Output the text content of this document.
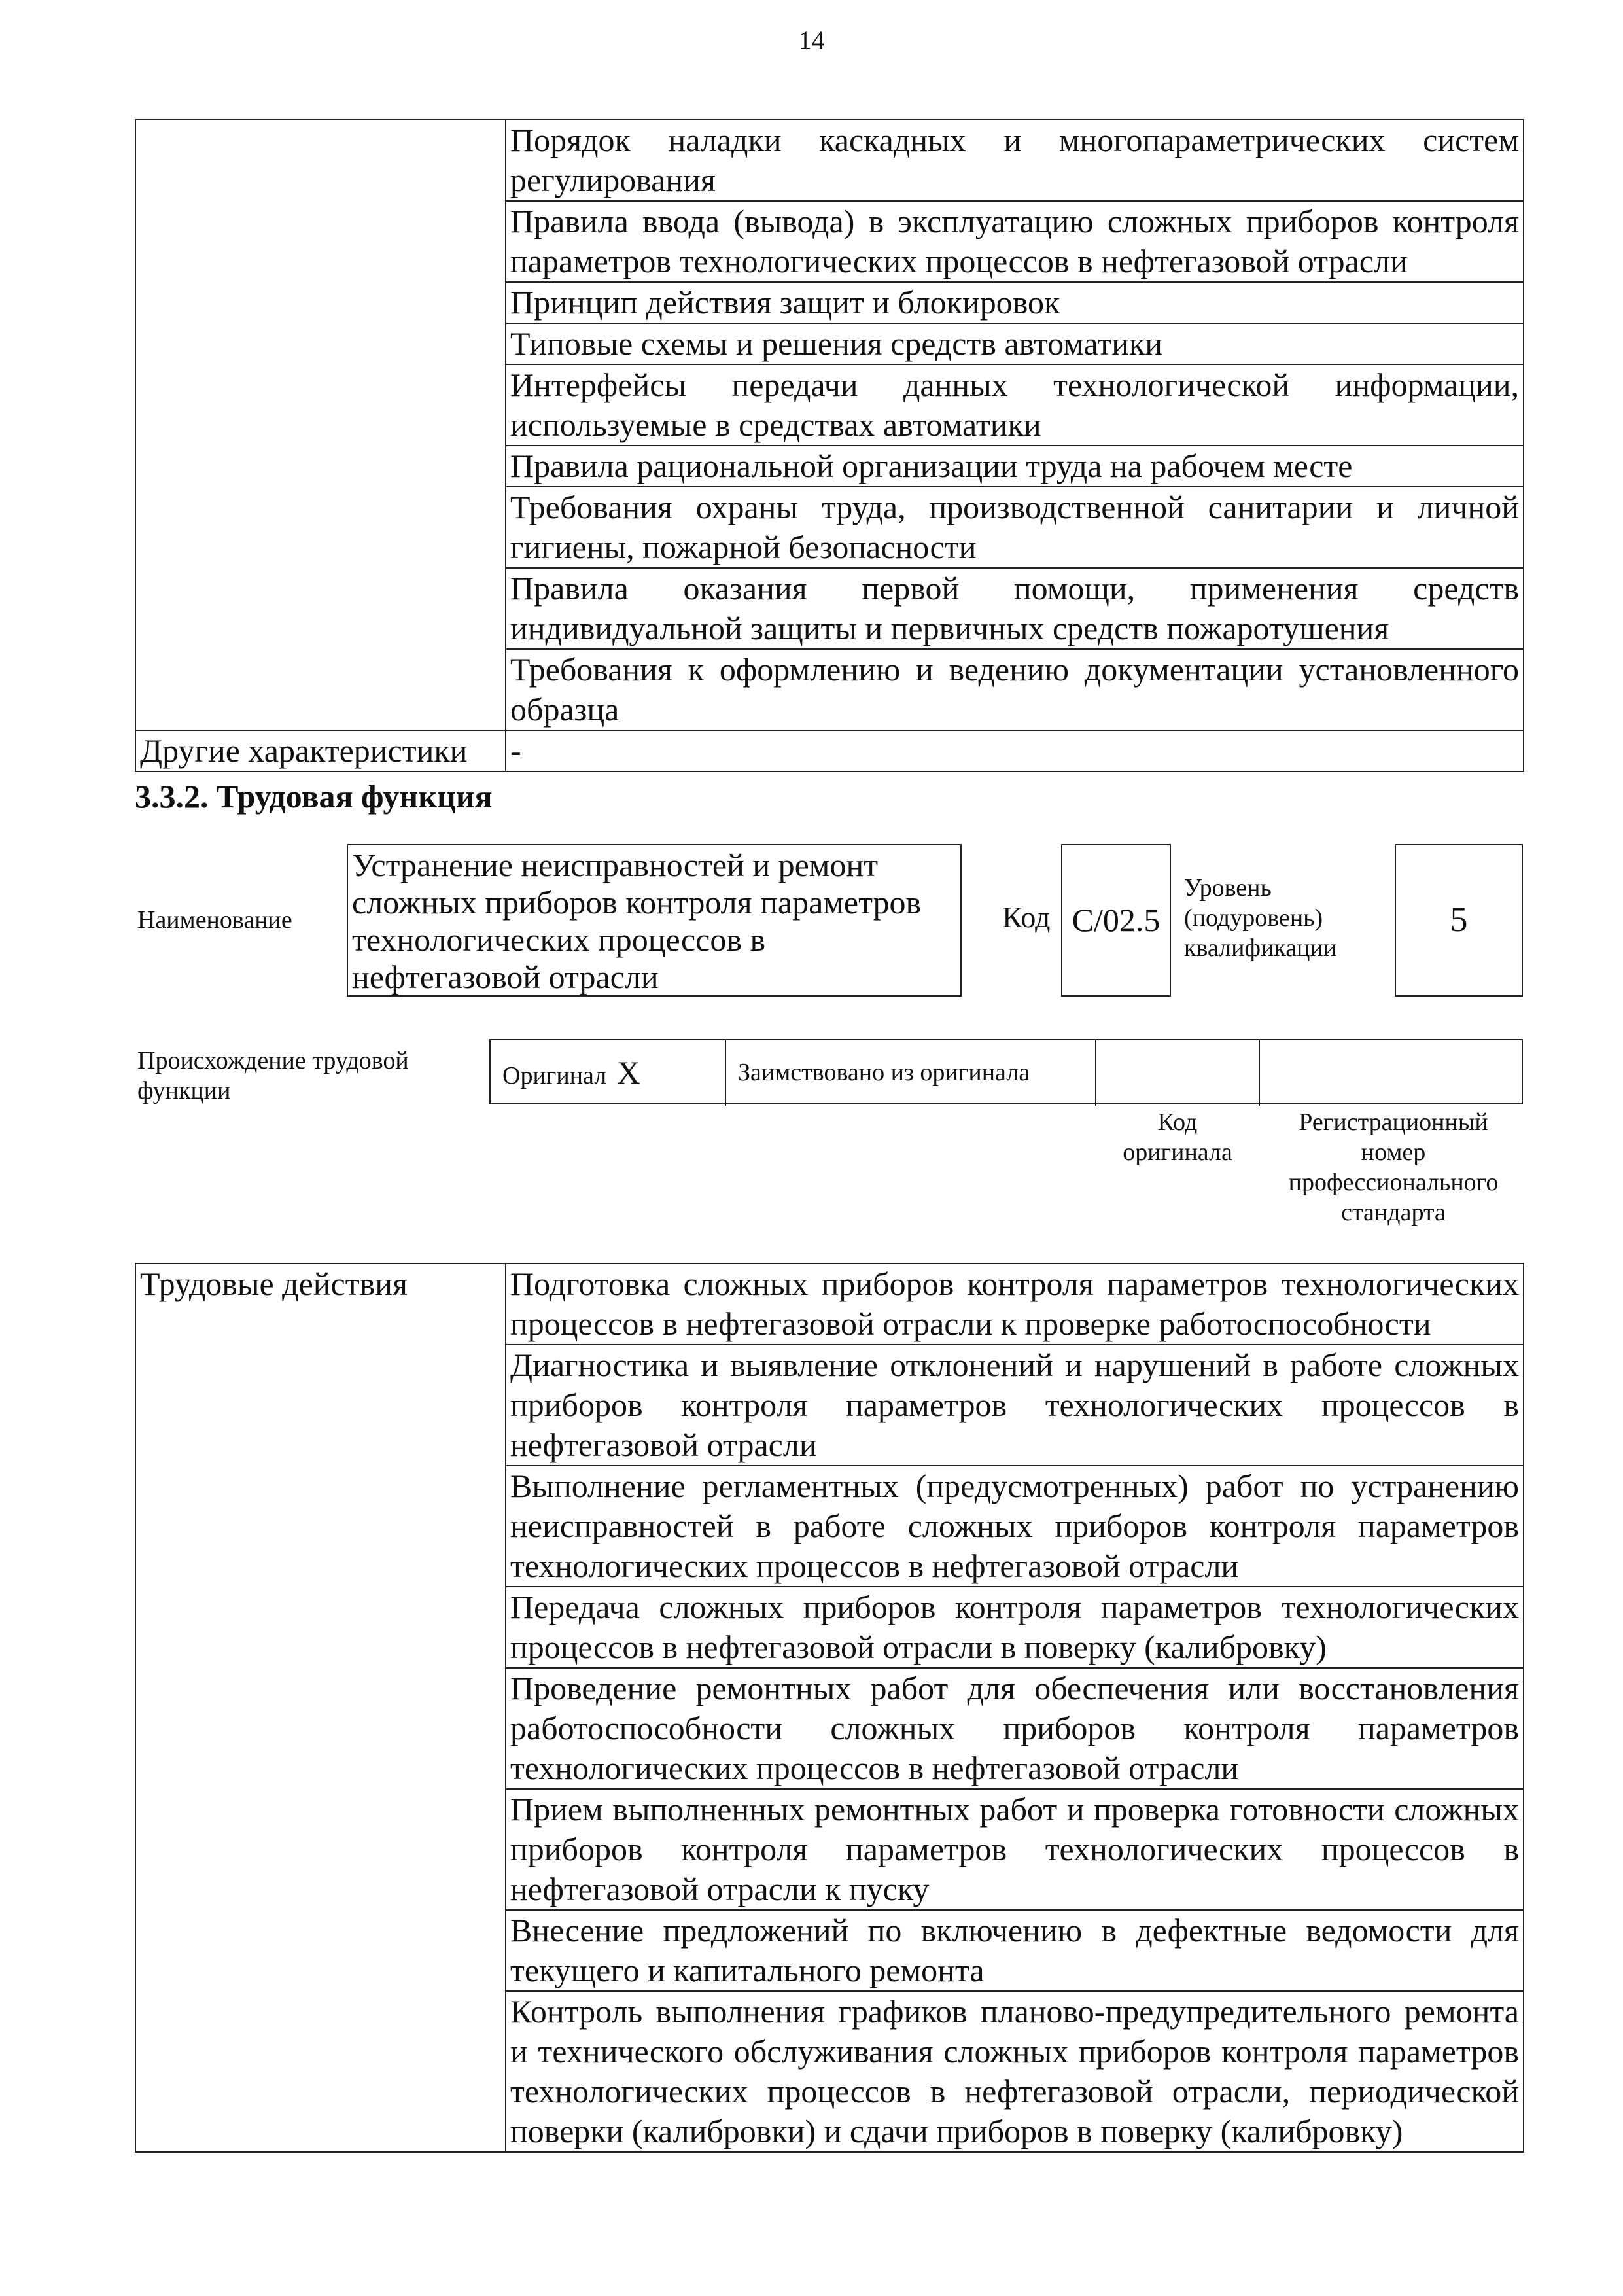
14
	Порядок наладки каскадных и многопараметрических систем регулирования
	Правила ввода (вывода) в эксплуатацию сложных приборов контроля параметров технологических процессов в нефтегазовой отрасли
	Принцип действия защит и блокировок
	Типовые схемы и решения средств автоматики
	Интерфейсы передачи данных технологической информации, используемые в средствах автоматики
	Правила рациональной организации труда на рабочем месте
	Требования охраны труда, производственной санитарии и личной гигиены, пожарной безопасности
	Правила оказания первой помощи, применения средств индивидуальной защиты и первичных средств пожаротушения
	Требования к оформлению и ведению документации установленного образца
Другие характеристики	-
3.3.2. Трудовая функция
Наименование
Устранение неисправностей и ремонт сложных приборов контроля параметров технологических процессов в нефтегазовой отрасли
Код C/02.5
Уровень (подуровень) квалификации
5
Происхождение трудовой функции
Оригинал X	Заимствовано из оригинала
Код оригинала
Регистрационный номер профессионального стандарта
Трудовые действия	Подготовка сложных приборов контроля параметров технологических процессов в нефтегазовой отрасли к проверке работоспособности
Диагностика и выявление отклонений и нарушений в работе сложных приборов контроля параметров технологических процессов в нефтегазовой отрасли
Выполнение регламентных (предусмотренных) работ по устранению неисправностей в работе сложных приборов контроля параметров технологических процессов в нефтегазовой отрасли
Передача сложных приборов контроля параметров технологических процессов в нефтегазовой отрасли в поверку (калибровку)
Проведение ремонтных работ для обеспечения или восстановления работоспособности сложных приборов контроля параметров технологических процессов в нефтегазовой отрасли
Прием выполненных ремонтных работ и проверка готовности сложных приборов контроля параметров технологических процессов в нефтегазовой отрасли к пуску
Внесение предложений по включению в дефектные ведомости для текущего и капитального ремонта
Контроль выполнения графиков планово-предупредительного ремонта и технического обслуживания сложных приборов контроля параметров технологических процессов в нефтегазовой отрасли, периодической поверки (калибровки) и сдачи приборов в поверку (калибровку)
